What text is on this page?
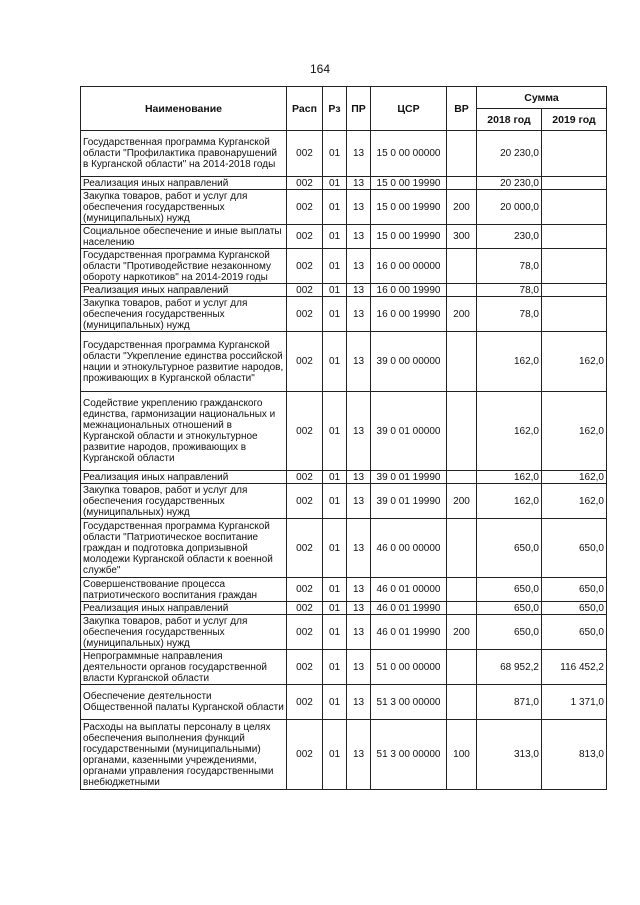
164
Наименование	Расп	Рз	ПР	ЦСР	ВР	Сумма	
						2018 год	2019 год
Государственная программа Курганской области "Профилактика правонарушений в Курганской области" на 2014-2018 годы	002	01	13	15 0 00 00000		20 230,0	
Реализация иных направлений	002	01	13	15 0 00 19990		20 230,0	
Закупка товаров, работ и услуг для обеспечения государственных (муниципальных) нужд	002	01	13	15 0 00 19990	200	20 000,0	
Социальное обеспечение и иные выплаты населению	002	01	13	15 0 00 19990	300	230,0	
Государственная программа Курганской области "Противодействие незаконному обороту наркотиков" на 2014-2019 годы	002	01	13	16 0 00 00000		78,0	
Реализация иных направлений	002	01	13	16 0 00 19990		78,0	
Закупка товаров, работ и услуг для обеспечения государственных (муниципальных) нужд	002	01	13	16 0 00 19990	200	78,0	
Государственная программа Курганской области "Укрепление единства российской нации и этнокультурное развитие народов, проживающих в Курганской области"	002	01	13	39 0 00 00000		162,0	162,0
Содействие укреплению гражданского единства, гармонизации национальных и межнациональных отношений в Курганской области и этнокультурное развитие народов, проживающих в Курганской области	002	01	13	39 0 01 00000		162,0	162,0
Реализация иных направлений	002	01	13	39 0 01 19990		162,0	162,0
Закупка товаров, работ и услуг для обеспечения государственных (муниципальных) нужд	002	01	13	39 0 01 19990	200	162,0	162,0
Государственная программа Курганской области "Патриотическое воспитание граждан и подготовка допризывной молодежи Курганской области к военной службе"	002	01	13	46 0 00 00000		650,0	650,0
Совершенствование процесса патриотического воспитания граждан	002	01	13	46 0 01 00000		650,0	650,0
Реализация иных направлений	002	01	13	46 0 01 19990		650,0	650,0
Закупка товаров, работ и услуг для обеспечения государственных (муниципальных) нужд	002	01	13	46 0 01 19990	200	650,0	650,0
Непрограммные направления деятельности органов государственной власти Курганской области	002	01	13	51 0 00 00000		68 952,2	116 452,2
Обеспечение деятельности Общественной палаты Курганской области	002	01	13	51 3 00 00000		871,0	1 371,0
Расходы на выплаты персоналу в целях обеспечения выполнения функций государственными (муниципальными) органами, казенными учреждениями, органами управления государственными внебюджетными	002	01	13	51 3 00 00000	100	313,0	813,0
